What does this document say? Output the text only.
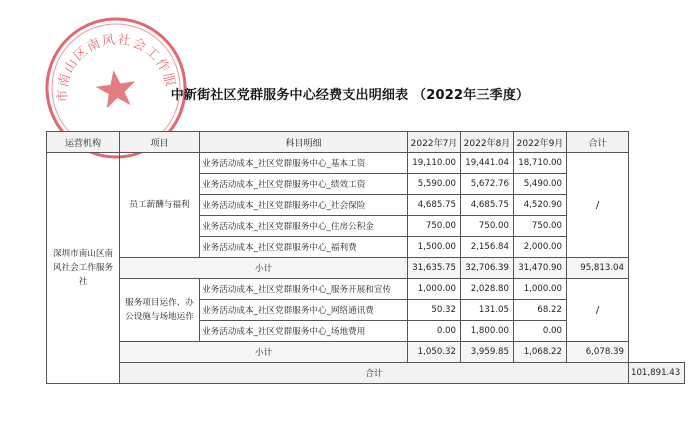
深圳市南山区南风社会工作服务社
中新街社区党群服务中心经费支出明细表 （2022年三季度）
运营机构	项目	科目明细	2022年7月	2022年8月	2022年9月	合计	
深圳市南山区南风社会工作服务社	员工薪酬与福利	业务活动成本_社区党群服务中心_基本工资	19,110.00	19,441.04	18,710.00	/	
		业务活动成本_社区党群服务中心_绩效工资	5,590.00	5,672.76	5,490.00		
		业务活动成本_社区党群服务中心_社会保险	4,685.75	4,685.75	4,520.90		
		业务活动成本_社区党群服务中心_住房公积金	750.00	750.00	750.00		
		业务活动成本_社区党群服务中心_福利费	1,500.00	2,156.84	2,000.00		
	小计		31,635.75	32,706.39	31,470.90	95,813.04	
	服务项目运作、办公设施与场地运作	业务活动成本_社区党群服务中心_服务开展和宣传	1,000.00	2,028.80	1,000.00	/	
		业务活动成本_社区党群服务中心_网络通讯费	50.32	131.05	68.22		
		业务活动成本_社区党群服务中心_场地费用	0.00	1,800.00	0.00		
	小计		1,050.32	3,959.85	1,068.22	6,078.39	
	合计						101,891.43
